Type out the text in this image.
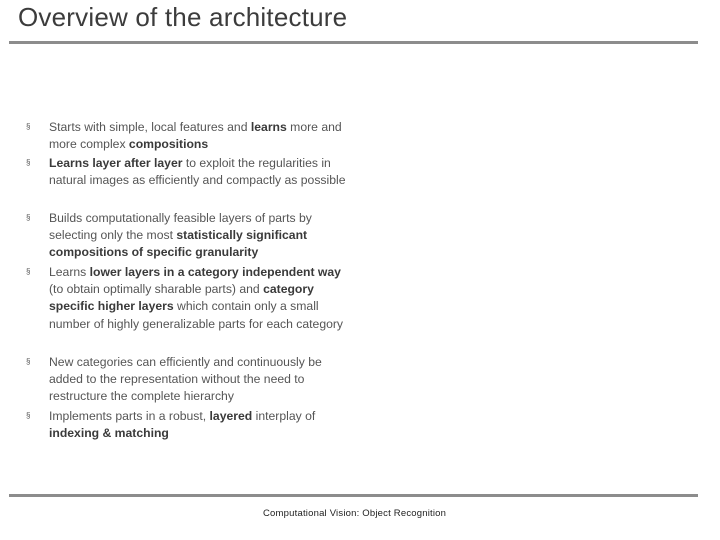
Overview of the architecture
§ Starts with simple, local features and learns more and more complex compositions
§ Learns layer after layer to exploit the regularities in natural images as efficiently and compactly as possible
§ Builds computationally feasible layers of parts by selecting only the most statistically significant compositions of specific granularity
§ Learns lower layers in a category independent way (to obtain optimally sharable parts) and category specific higher layers which contain only a small number of highly generalizable parts for each category
§ New categories can efficiently and continuously be added to the representation without the need to restructure the complete hierarchy
§ Implements parts in a robust, layered interplay of indexing & matching
Computational Vision: Object Recognition
